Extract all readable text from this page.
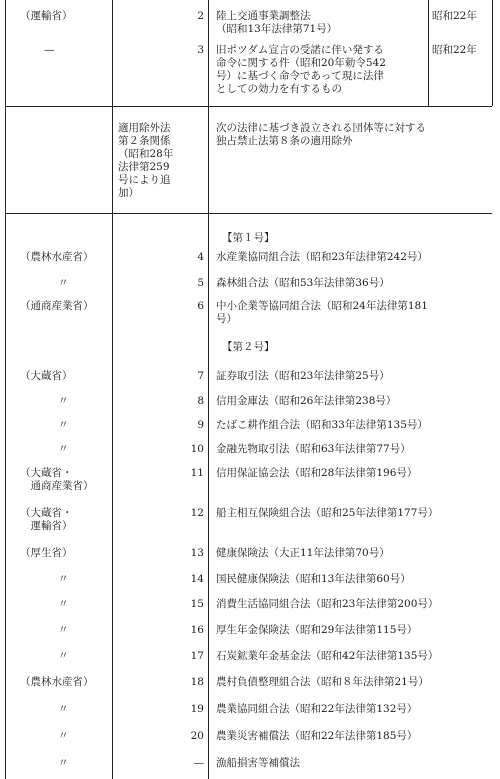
（運輸省）	2 陸上交通事業調整法
（昭和13年法律第71号）
昭和22年
—	3 旧ポツダム宣言の受諾に伴い発する
命令に関する件（昭和20年勅令542
号）に基づく命令であって現に法律
としての効力を有するもの
昭和22年
適用除外法
第２条関係
（昭和28年
法律第259
号により追
加）
次の法律に基づき設立される団体等に対する
独占禁止法第８条の適用除外
【第１号】
【第２号】
（農林水産省）	4 水産業協同組合法（昭和23年法律第242号）
〃	5 森林組合法（昭和53年法律第36号）
（通商産業省）	6 中小企業等協同組合法（昭和24年法律第181
号）
（大蔵省）	7 証券取引法（昭和23年法律第25号）
〃	8 信用金庫法（昭和26年法律第238号）
〃	9 たばこ耕作組合法（昭和33年法律第135号）
〃	10 金融先物取引法（昭和63年法律第77号）
（大蔵省・
　通商産業省）
11 信用保証協会法（昭和28年法律第196号）
（大蔵省・
　運輸省）
12 船主相互保険組合法（昭和25年法律第177号）
（厚生省）	13 健康保険法（大正11年法律第70号）
〃	14 国民健康保険法（昭和13年法律第60号）
〃	15 消費生活協同組合法（昭和23年法律第200号）
〃	16 厚生年金保険法（昭和29年法律第115号）
〃	17 石炭鉱業年金基金法（昭和42年法律第135号）
（農林水産省）	18 農村負債整理組合法（昭和８年法律第21号）
〃	19 農業協同組合法（昭和22年法律第132号）
〃	20 農業災害補償法（昭和22年法律第185号）
〃	— 漁船損害等補償法
